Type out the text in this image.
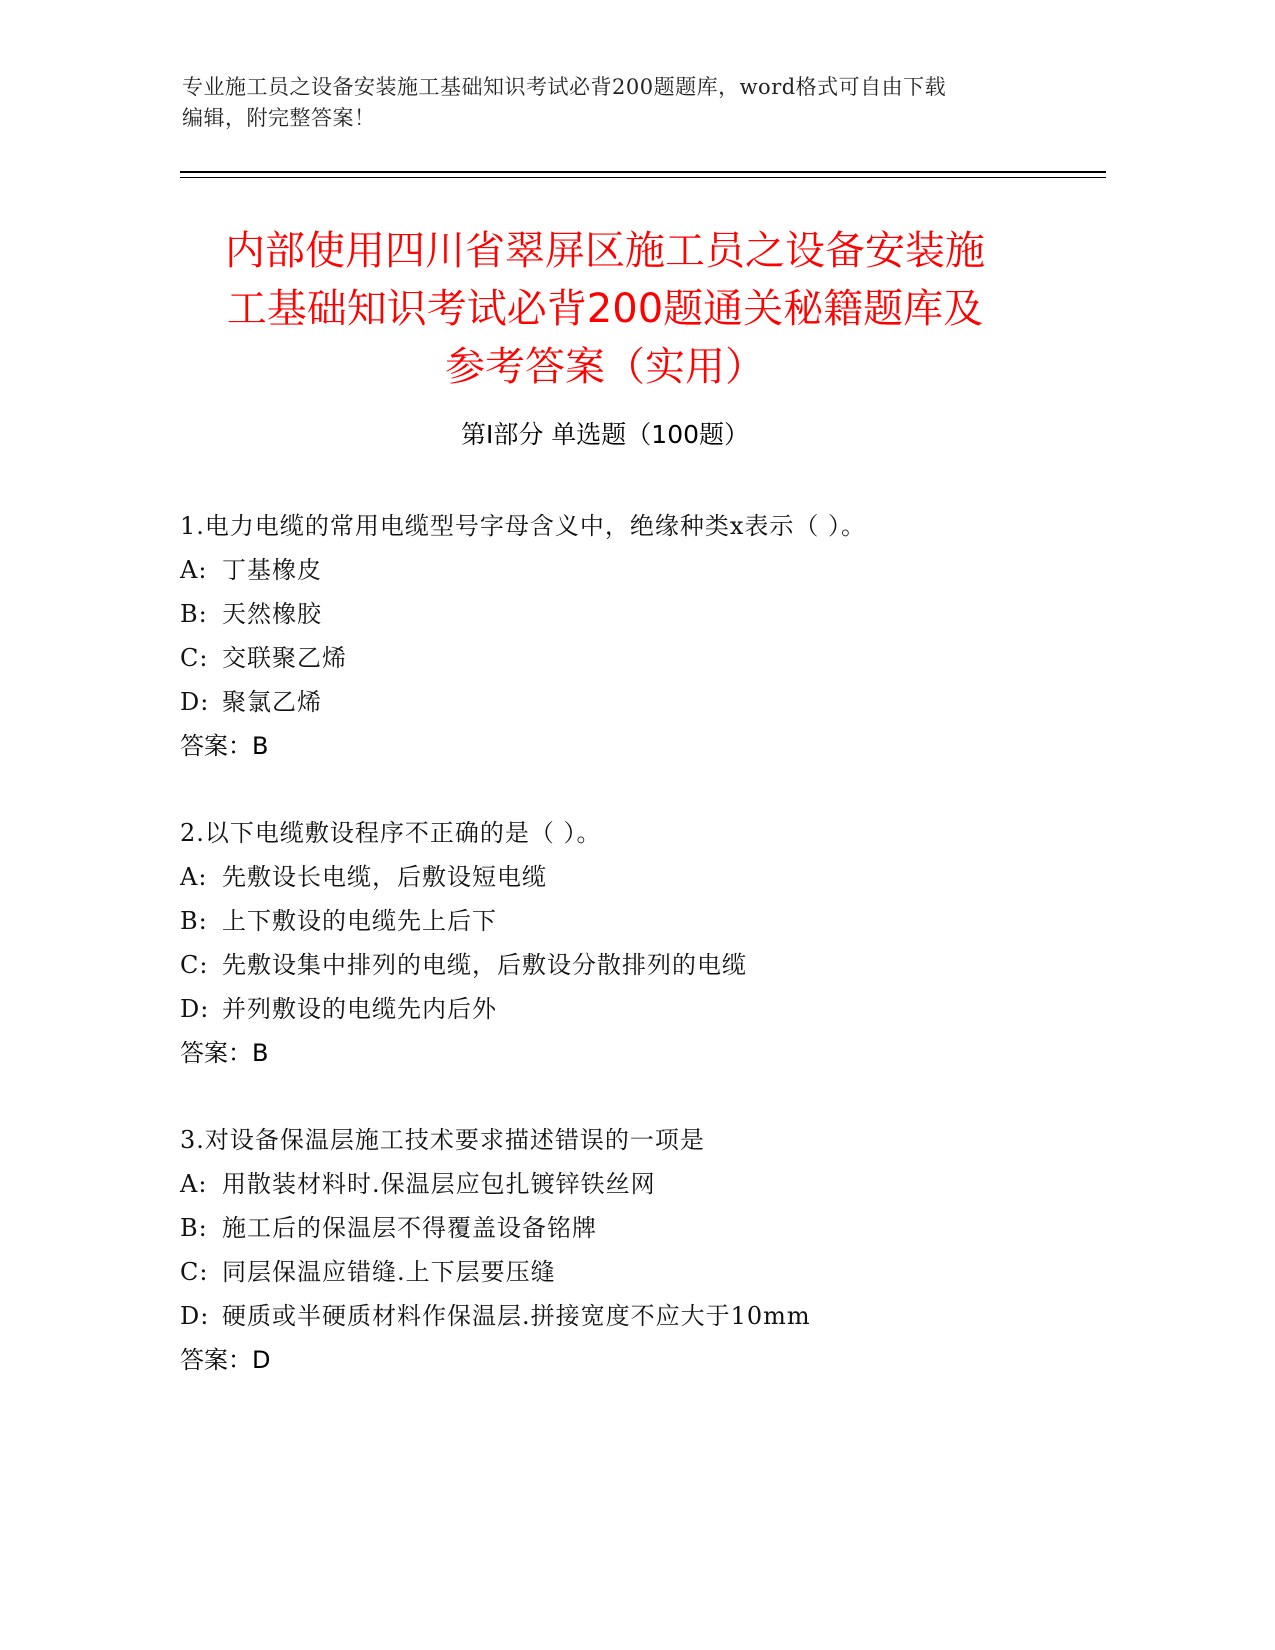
专业施工员之设备安装施工基础知识考试必背200题题库，word格式可自由下载
编辑，附完整答案！
内部使用四川省翠屏区施工员之设备安装施
工基础知识考试必背200题通关秘籍题库及
参考答案（实用）
第Ⅰ部分 单选题（100题）
1.电力电缆的常用电缆型号字母含义中，绝缘种类x表示（ ）。
A: 丁基橡皮
B: 天然橡胶
C: 交联聚乙烯
D: 聚氯乙烯
答案：B
2.以下电缆敷设程序不正确的是（ ）。
A: 先敷设长电缆，后敷设短电缆
B: 上下敷设的电缆先上后下
C: 先敷设集中排列的电缆，后敷设分散排列的电缆
D: 并列敷设的电缆先内后外
答案：B
3.对设备保温层施工技术要求描述错误的一项是
A: 用散装材料时.保温层应包扎镀锌铁丝网
B: 施工后的保温层不得覆盖设备铭牌
C: 同层保温应错缝.上下层要压缝
D: 硬质或半硬质材料作保温层.拼接宽度不应大于10mm
答案：D
